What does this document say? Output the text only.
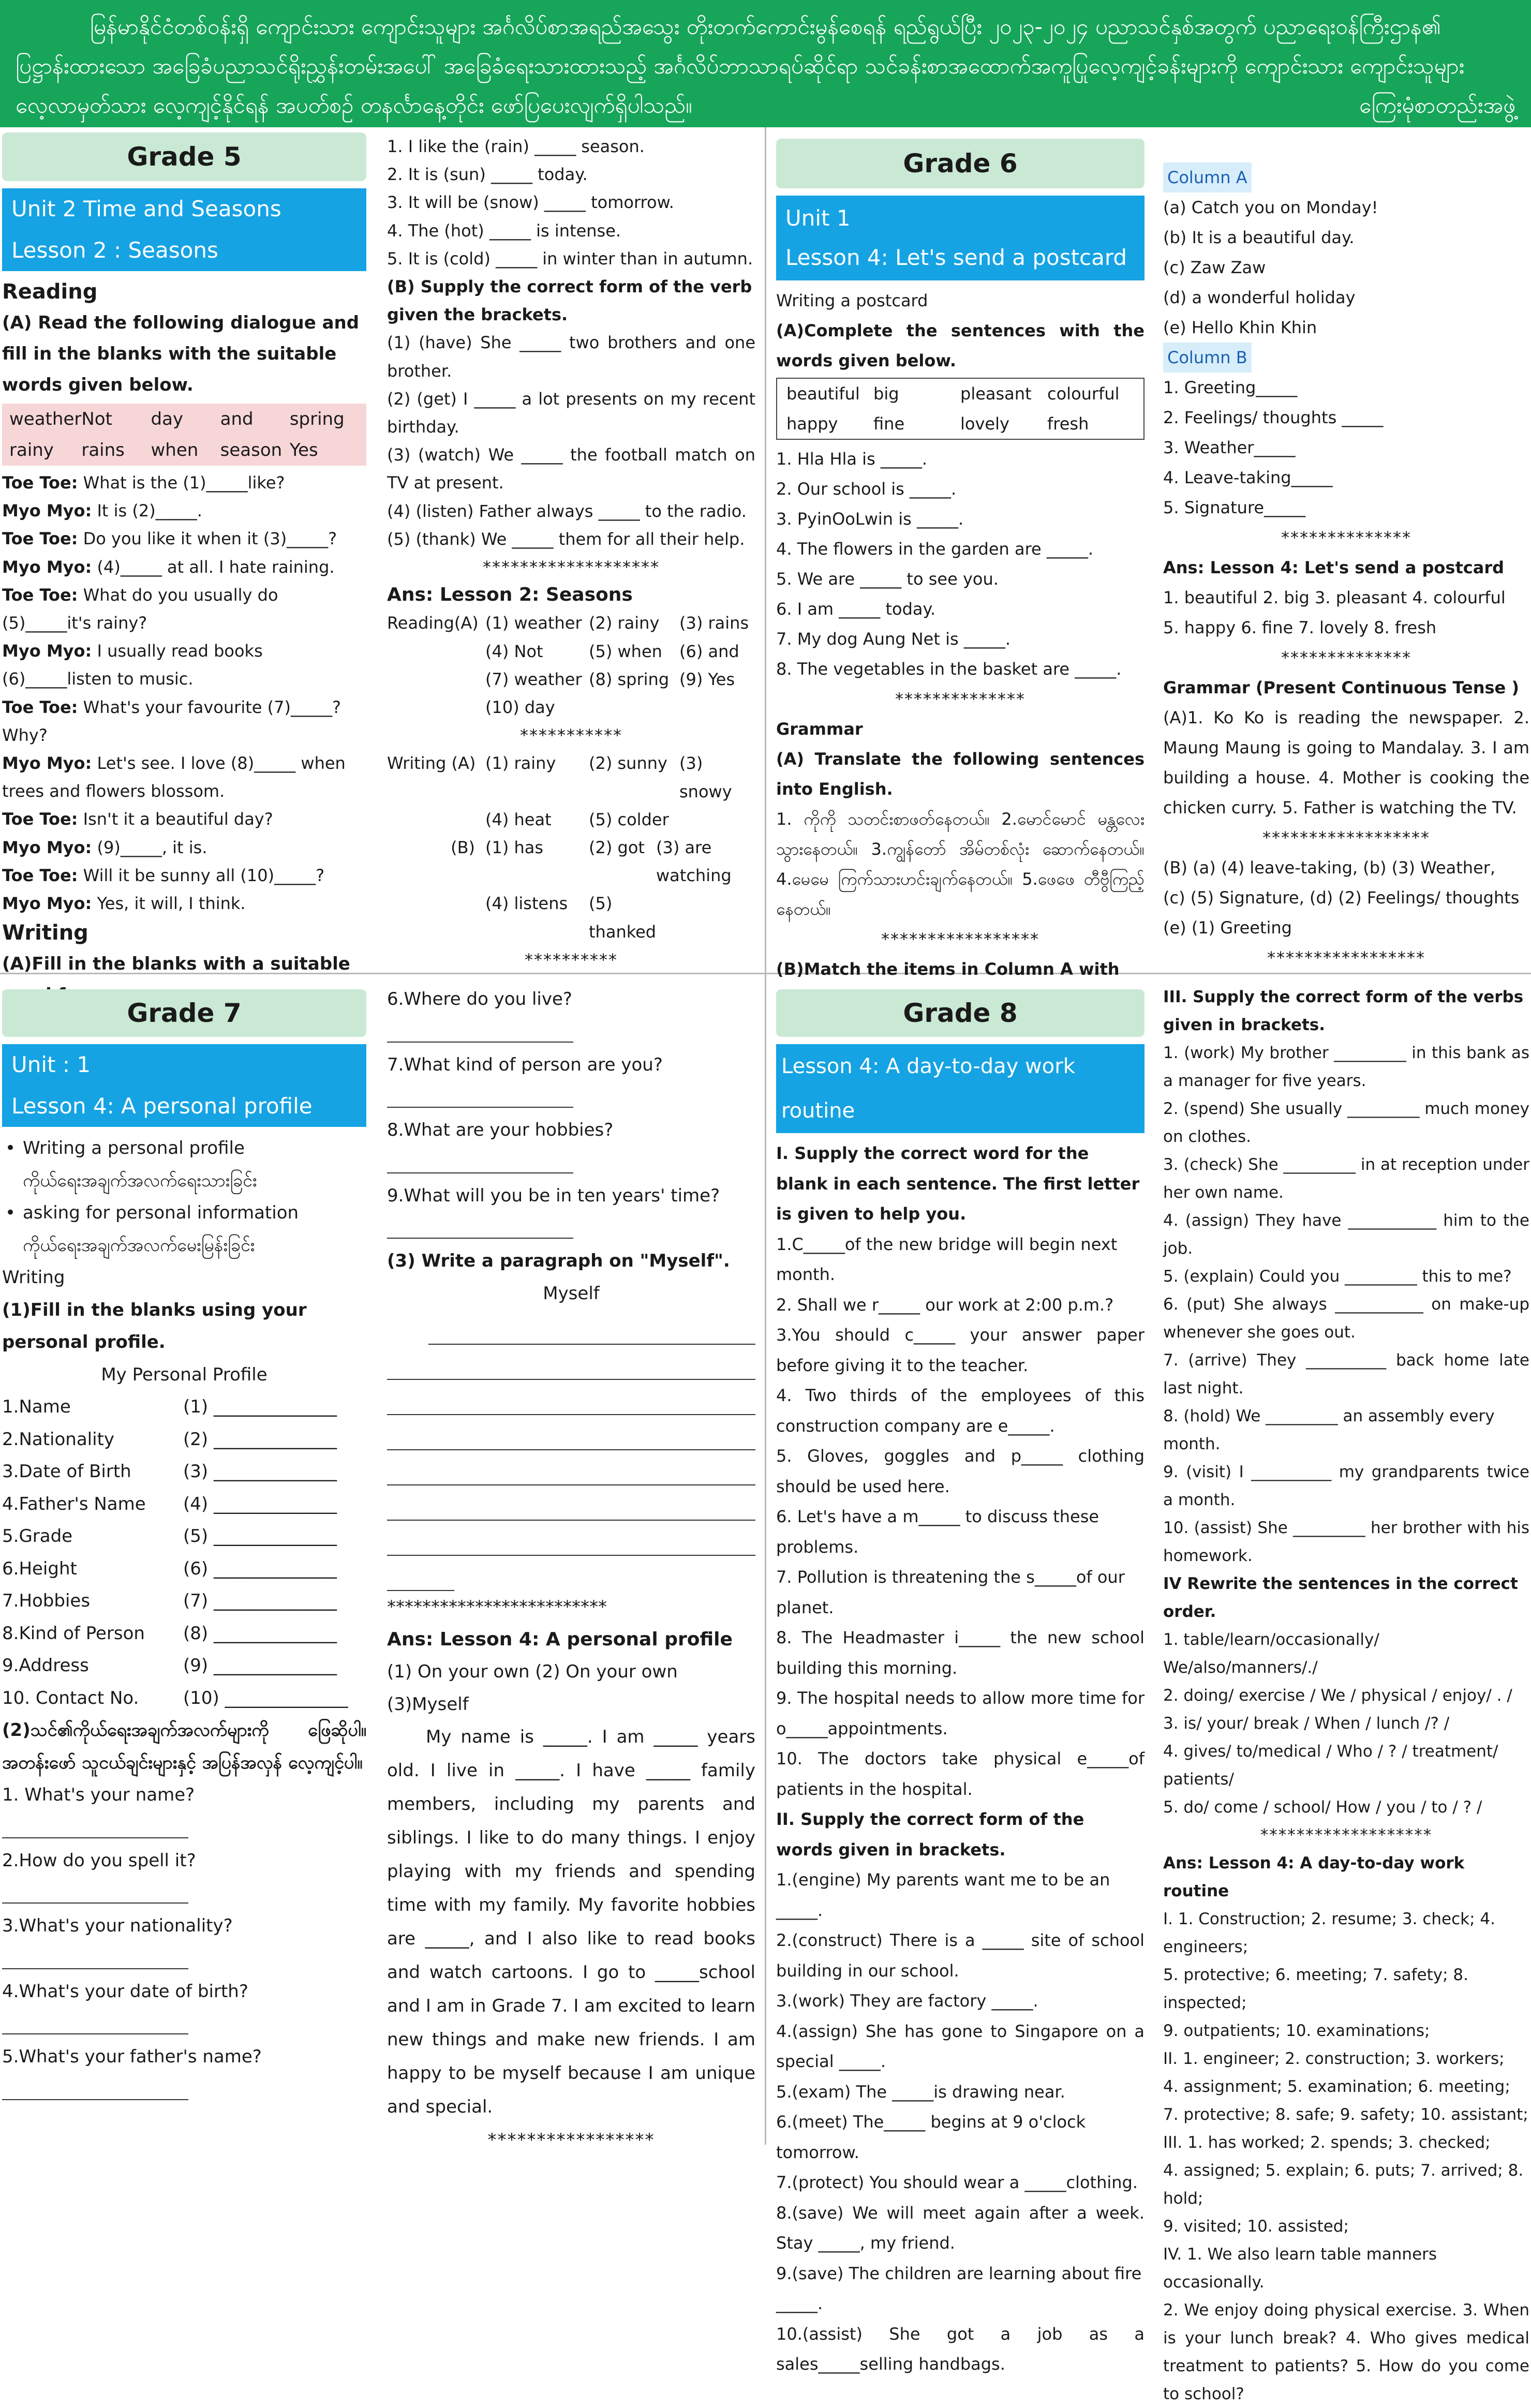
မြန်မာနိုင်ငံတစ်ဝန်းရှိ ကျောင်းသား ကျောင်းသူများ အင်္ဂလိပ်စာအရည်အသွေး တိုးတက်ကောင်းမွန်စေရန် ရည်ရွယ်ပြီး ၂၀၂၃-၂၀၂၄ ပညာသင်နှစ်အတွက် ပညာရေးဝန်ကြီးဌာန၏
ပြဋ္ဌာန်းထားသော အခြေခံပညာသင်ရိုးညွှန်းတမ်းအပေါ် အခြေခံရေးသားထားသည့် အင်္ဂလိပ်ဘာသာရပ်ဆိုင်ရာ သင်ခန်းစာအထောက်အကူပြုလေ့ကျင့်ခန်းများကို ကျောင်းသား ကျောင်းသူများ
လေ့လာမှတ်သား လေ့ကျင့်နိုင်ရန် အပတ်စဉ် တနင်္လာနေ့တိုင်း ဖော်ပြပေးလျက်ရှိပါသည်။	ကြေးမုံစာတည်းအဖွဲ့
Grade 5
Unit 2 Time and Seasons
Lesson 2 : Seasons

Reading

(A) Read the following dialogue and fill in the blanks with the suitable words given below.

weather Not	day	and	spring
rainy	rains	when	season Yes

Toe Toe: What is the (1)_____like?

Myo Myo: It is (2)_____.

Toe Toe: Do you like it when it (3)_____?

Myo Myo: (4)_____ at all. I hate raining.

Toe Toe: What do you usually do (5)_____it's rainy?

Myo Myo: I usually read books (6)_____listen to music.

Toe Toe: What's your favourite (7)_____? Why?

Myo Myo: Let's see. I love (8)_____ when trees and flowers blossom.

Toe Toe: Isn't it a beautiful day?

Myo Myo: (9)_____, it is.

Toe Toe: Will it be sunny all (10)_____?

Myo Myo: Yes, it will, I think.

Writing

(A)Fill in the blanks with a suitable

1. I like the (rain) _____ season.

2. It is (sun) _____ today.

3. It will be (snow) _____ tomorrow.

4. The (hot) _____ is intense.

5. It is (cold) _____ in winter than in autumn.

(B) Supply the correct form of the verb given the brackets.

(1) (have) She _____ two brothers and one brother.

(2) (get) I _____ a lot presents on my recent birthday.

(3) (watch) We _____ the football match on TV at present.

(4) (listen) Father always _____ to the radio.

(5) (thank) We _____ them for all their help.

*******************

Ans: Lesson 2: Seasons

Reading(A) (1) weather (2) rainy	(3) rains
(4) Not	(5) when	(6) and
(7) weather (8) spring (9) Yes
(10) day

***********

Writing (A) (1) rainy	(2) sunny (3) snowy
(4) heat	(5) colder
(B) (1) has	(2) got (3) are watching
(4) listens	(5) thanked

**********

Grade 6
Unit 1
Lesson 4: Let's send a postcard

Writing a postcard

(A)Complete the sentences with the words given below.

beautiful big	pleasant colourful
happy	fine	lovely	fresh

1. Hla Hla is _____.

2. Our school is _____.

3. PyinOoLwin is _____.

4. The flowers in the garden are _____.

5. We are _____ to see you.

6. I am _____ today.

7. My dog Aung Net is _____.

8. The vegetables in the basket are _____.

**************

Grammar

(A) Translate the following sentences into English.

1. ကိုကို သတင်းစာဖတ်နေတယ်။ 2.မောင်မောင် မန္တလေးသွားနေတယ်။ 3.ကျွန်တော် အိမ်တစ်လုံး ဆောက်နေတယ်။ 4.မေမေ ကြက်သားဟင်းချက်နေတယ်။ 5.ဖေဖေ တီဗွီကြည့်နေတယ်။

*****************

(B)Match the items in Column A with

Column A

(a) Catch you on Monday!

(b) It is a beautiful day.

(c) Zaw Zaw

(d) a wonderful holiday

(e) Hello Khin Khin

Column B

1. Greeting_____

2. Feelings/ thoughts _____

3. Weather_____

4. Leave-taking_____

5. Signature_____

**************

Ans: Lesson 4: Let's send a postcard

1. beautiful 2. big 3. pleasant 4. colourful

5. happy 6. fine 7. lovely 8. fresh

**************

Grammar (Present Continuous Tense )

(A)1. Ko Ko is reading the newspaper. 2. Maung Maung is going to Mandalay. 3. I am building a house. 4. Mother is cooking the chicken curry. 5. Father is watching the TV.

******************

(B) (a) (4) leave-taking, (b) (3) Weather,

(c) (5) Signature, (d) (2) Feelings/ thoughts

(e) (1) Greeting

*****************

Grade 7
Unit : 1
Lesson 4: A personal profile

• Writing a personal profile

ကိုယ်ရေးအချက်အလက်ရေးသားခြင်း

• asking for personal information

ကိုယ်ရေးအချက်အလက်မေးမြန်းခြင်း

Writing

(1)Fill in the blanks using your personal profile.

My Personal Profile

1.Name	(1) ______________
2.Nationality	(2) ______________
3.Date of Birth	(3) ______________
4.Father's Name	(4) ______________
5.Grade	(5) ______________
6.Height	(6) ______________
7.Hobbies	(7) ______________
8.Kind of Person	(8) ______________
9.Address	(9) ______________
10. Contact No.	(10) ______________

(2)သင်၏ကိုယ်ရေးအချက်အလက်များကို ဖြေဆိုပါ။ အတန်းဖော် သူငယ်ချင်းများနှင့် အပြန်အလှန် လေ့ကျင့်ပါ။

1. What's your name?

2.How do you spell it?

3.What's your nationality?

4.What's your date of birth?

5.What's your father's name?

6.Where do you live?

7.What kind of person are you?

8.What are your hobbies?

9.What will you be in ten years' time?

(3) Write a paragraph on "Myself".

Myself

*************************

Ans: Lesson 4: A personal profile

(1) On your own (2) On your own

(3)Myself

My name is _____. I am _____ years old. I live in _____. I have _____ family members, including my parents and siblings. I like to do many things. I enjoy playing with my friends and spending time with my family. My favorite hobbies are _____, and I also like to read books and watch cartoons. I go to _____school and I am in Grade 7. I am excited to learn new things and make new friends. I am happy to be myself because I am unique and special.

*****************

Grade 8
Lesson 4: A day-to-day work routine

I. Supply the correct word for the blank in each sentence. The first letter is given to help you.

1.C_____of the new bridge will begin next month.

2. Shall we r_____ our work at 2:00 p.m.?

3.You should c_____ your answer paper before giving it to the teacher.

4. Two thirds of the employees of this construction company are e_____.

5. Gloves, goggles and p_____ clothing should be used here.

6. Let's have a m_____ to discuss these problems.

7. Pollution is threatening the s_____of our planet.

8. The Headmaster i_____ the new school building this morning.

9. The hospital needs to allow more time for o_____appointments.

10. The doctors take physical e_____of patients in the hospital.

II. Supply the correct form of the words given in brackets.

1.(engine) My parents want me to be an _____.

2.(construct) There is a _____ site of school building in our school.

3.(work) They are factory _____.

4.(assign) She has gone to Singapore on a special _____.

5.(exam) The _____is drawing near.

6.(meet) The_____ begins at 9 o'clock tomorrow.

7.(protect) You should wear a _____clothing.

8.(save) We will meet again after a week. Stay _____, my friend.

9.(save) The children are learning about fire _____.

10.(assist) She got a job as a sales_____selling handbags.

III. Supply the correct form of the verbs given in brackets.

1. (work) My brother _________ in this bank as a manager for five years.

2. (spend) She usually _________ much money on clothes.

3. (check) She _________ in at reception under her own name.

4. (assign) They have ___________ him to the job.

5. (explain) Could you _________ this to me?

6. (put) She always ___________ on make-up whenever she goes out.

7. (arrive) They __________ back home late last night.

8. (hold) We _________ an assembly every month.

9. (visit) I __________ my grandparents twice a month.

10. (assist) She _________ her brother with his homework.

IV Rewrite the sentences in the correct order.

1. table/learn/occasionally/ We/also/manners/./

2. doing/ exercise / We / physical / enjoy/ . /

3. is/ your/ break / When / lunch /? /

4. gives/ to/medical / Who / ? / treatment/ patients/

5. do/ come / school/ How / you / to / ? /

*******************

Ans: Lesson 4: A day-to-day work routine

I. 1. Construction; 2. resume; 3. check; 4. engineers;

5. protective; 6. meeting; 7. safety; 8. inspected;

9. outpatients; 10. examinations;

II. 1. engineer; 2. construction; 3. workers;

4. assignment; 5. examination; 6. meeting;

7. protective; 8. safe; 9. safety; 10. assistant;

III. 1. has worked; 2. spends; 3. checked;

4. assigned; 5. explain; 6. puts; 7. arrived; 8. hold;

9. visited; 10. assisted;

IV. 1. We also learn table manners occasionally.

2. We enjoy doing physical exercise. 3. When is your lunch break? 4. Who gives medical treatment to patients? 5. How do you come to school?
